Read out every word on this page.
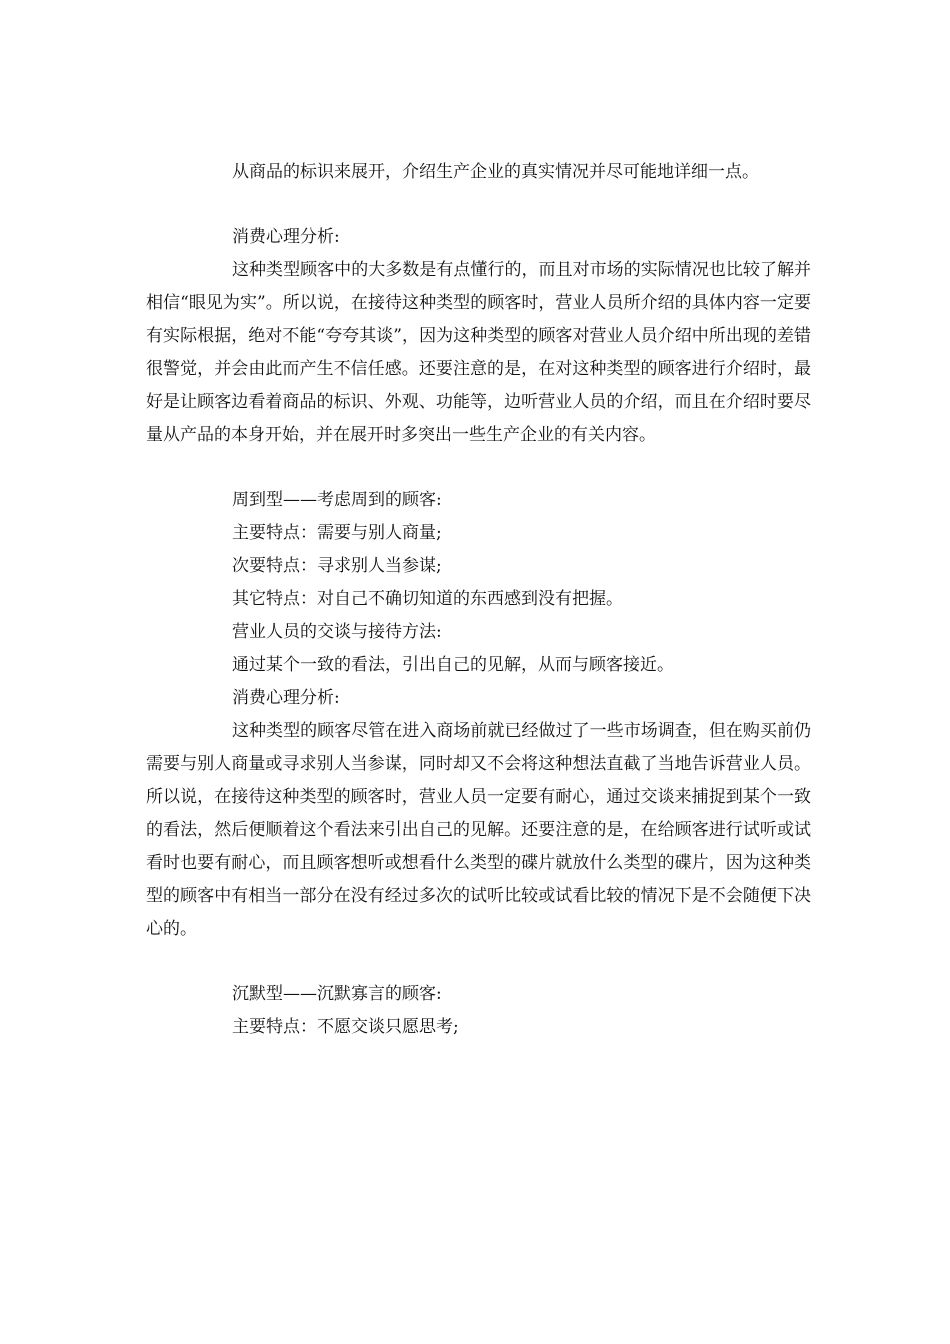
从商品的标识来展开，介绍生产企业的真实情况并尽可能地详细一点。

消费心理分析:

这种类型顾客中的大多数是有点懂行的，而且对市场的实际情况也比较了解并相信“眼见为实”。所以说，在接待这种类型的顾客时，营业人员所介绍的具体内容一定要有实际根据，绝对不能“夸夸其谈”，因为这种类型的顾客对营业人员介绍中所出现的差错很警觉，并会由此而产生不信任感。还要注意的是，在对这种类型的顾客进行介绍时，最好是让顾客边看着商品的标识、外观、功能等，边听营业人员的介绍，而且在介绍时要尽量从产品的本身开始，并在展开时多突出一些生产企业的有关内容。

周到型——考虑周到的顾客:

主要特点：需要与别人商量;

次要特点：寻求别人当参谋;

其它特点：对自己不确切知道的东西感到没有把握。

营业人员的交谈与接待方法:

通过某个一致的看法，引出自己的见解，从而与顾客接近。

消费心理分析:

这种类型的顾客尽管在进入商场前就已经做过了一些市场调查，但在购买前仍需要与别人商量或寻求别人当参谋，同时却又不会将这种想法直截了当地告诉营业人员。所以说，在接待这种类型的顾客时，营业人员一定要有耐心，通过交谈来捕捉到某个一致的看法，然后便顺着这个看法来引出自己的见解。还要注意的是，在给顾客进行试听或试看时也要有耐心，而且顾客想听或想看什么类型的碟片就放什么类型的碟片，因为这种类型的顾客中有相当一部分在没有经过多次的试听比较或试看比较的情况下是不会随便下决心的。

沉默型——沉默寡言的顾客:

主要特点：不愿交谈只愿思考;
